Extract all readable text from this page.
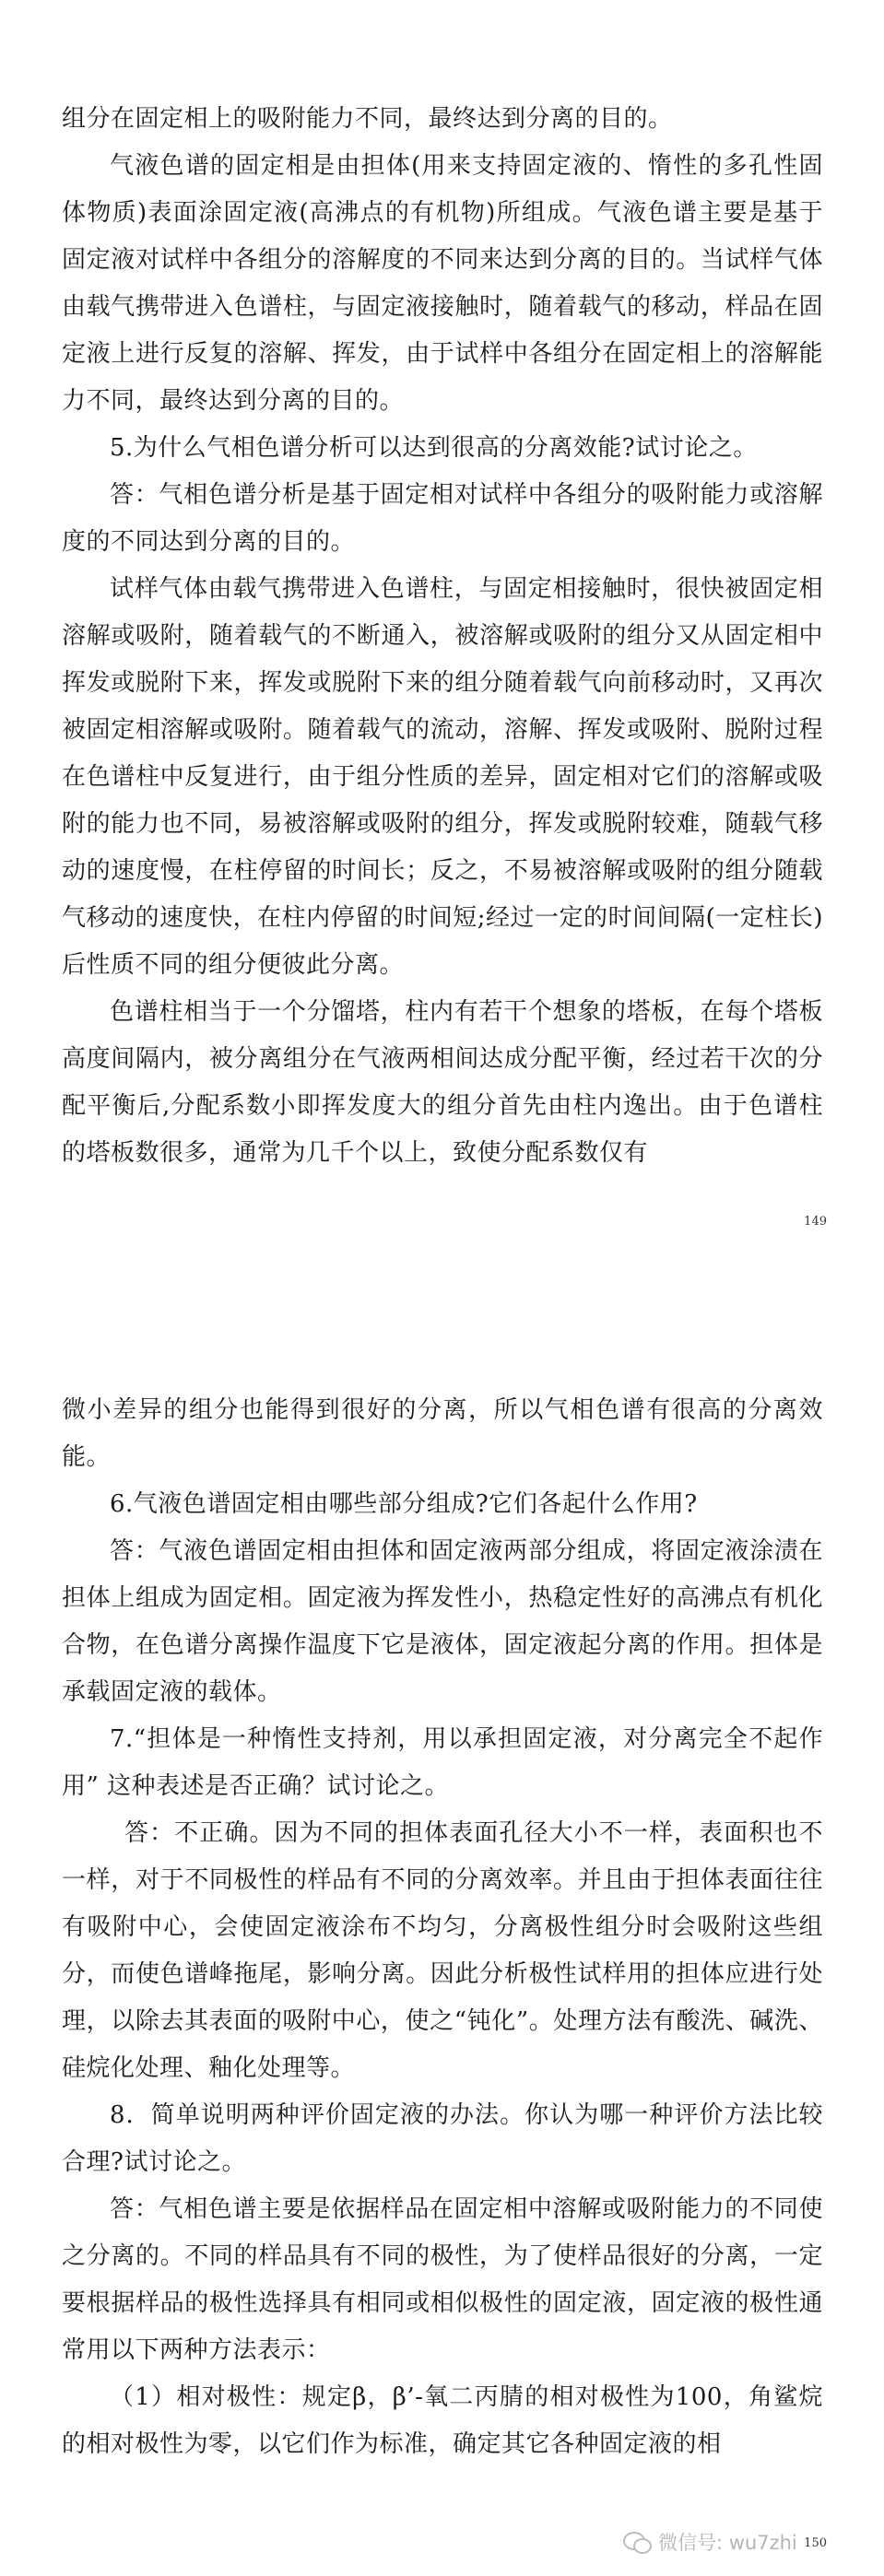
组分在固定相上的吸附能力不同，最终达到分离的目的。

气液色谱的固定相是由担体(用来支持固定液的、惰性的多孔性固体物质)表面涂固定液(高沸点的有机物)所组成。气液色谱主要是基于固定液对试样中各组分的溶解度的不同来达到分离的目的。当试样气体由载气携带进入色谱柱，与固定液接触时，随着载气的移动，样品在固定液上进行反复的溶解、挥发，由于试样中各组分在固定相上的溶解能力不同，最终达到分离的目的。

5.为什么气相色谱分析可以达到很高的分离效能?试讨论之。

答：气相色谱分析是基于固定相对试样中各组分的吸附能力或溶解度的不同达到分离的目的。

试样气体由载气携带进入色谱柱，与固定相接触时，很快被固定相溶解或吸附，随着载气的不断通入，被溶解或吸附的组分又从固定相中挥发或脱附下来，挥发或脱附下来的组分随着载气向前移动时，又再次被固定相溶解或吸附。随着载气的流动，溶解、挥发或吸附、脱附过程在色谱柱中反复进行，由于组分性质的差异，固定相对它们的溶解或吸附的能力也不同，易被溶解或吸附的组分，挥发或脱附较难，随载气移动的速度慢，在柱停留的时间长；反之，不易被溶解或吸附的组分随载气移动的速度快，在柱内停留的时间短;经过一定的时间间隔(一定柱长)后性质不同的组分便彼此分离。

色谱柱相当于一个分馏塔，柱内有若干个想象的塔板，在每个塔板高度间隔内，被分离组分在气液两相间达成分配平衡，经过若干次的分配平衡后,分配系数小即挥发度大的组分首先由柱内逸出。由于色谱柱的塔板数很多，通常为几千个以上，致使分配系数仅有

149

微小差异的组分也能得到很好的分离，所以气相色谱有很高的分离效能。

6.气液色谱固定相由哪些部分组成?它们各起什么作用?

答：气液色谱固定相由担体和固定液两部分组成，将固定液涂渍在担体上组成为固定相。固定液为挥发性小，热稳定性好的高沸点有机化合物，在色谱分离操作温度下它是液体，固定液起分离的作用。担体是承载固定液的载体。

7.“担体是一种惰性支持剂，用以承担固定液，对分离完全不起作用” 这种表述是否正确？试讨论之。

答：不正确。因为不同的担体表面孔径大小不一样，表面积也不一样，对于不同极性的样品有不同的分离效率。并且由于担体表面往往有吸附中心，会使固定液涂布不均匀，分离极性组分时会吸附这些组分，而使色谱峰拖尾，影响分离。因此分析极性试样用的担体应进行处理，以除去其表面的吸附中心，使之“钝化”。处理方法有酸洗、碱洗、硅烷化处理、釉化处理等。

8．简单说明两种评价固定液的办法。你认为哪一种评价方法比较合理?试讨论之。

答：气相色谱主要是依据样品在固定相中溶解或吸附能力的不同使之分离的。不同的样品具有不同的极性，为了使样品很好的分离，一定要根据样品的极性选择具有相同或相似极性的固定液，固定液的极性通常用以下两种方法表示：

（1）相对极性：规定β，β’-氧二丙腈的相对极性为100，角鲨烷的相对极性为零，以它们作为标准，确定其它各种固定液的相

150
微信号: wu7zhi
